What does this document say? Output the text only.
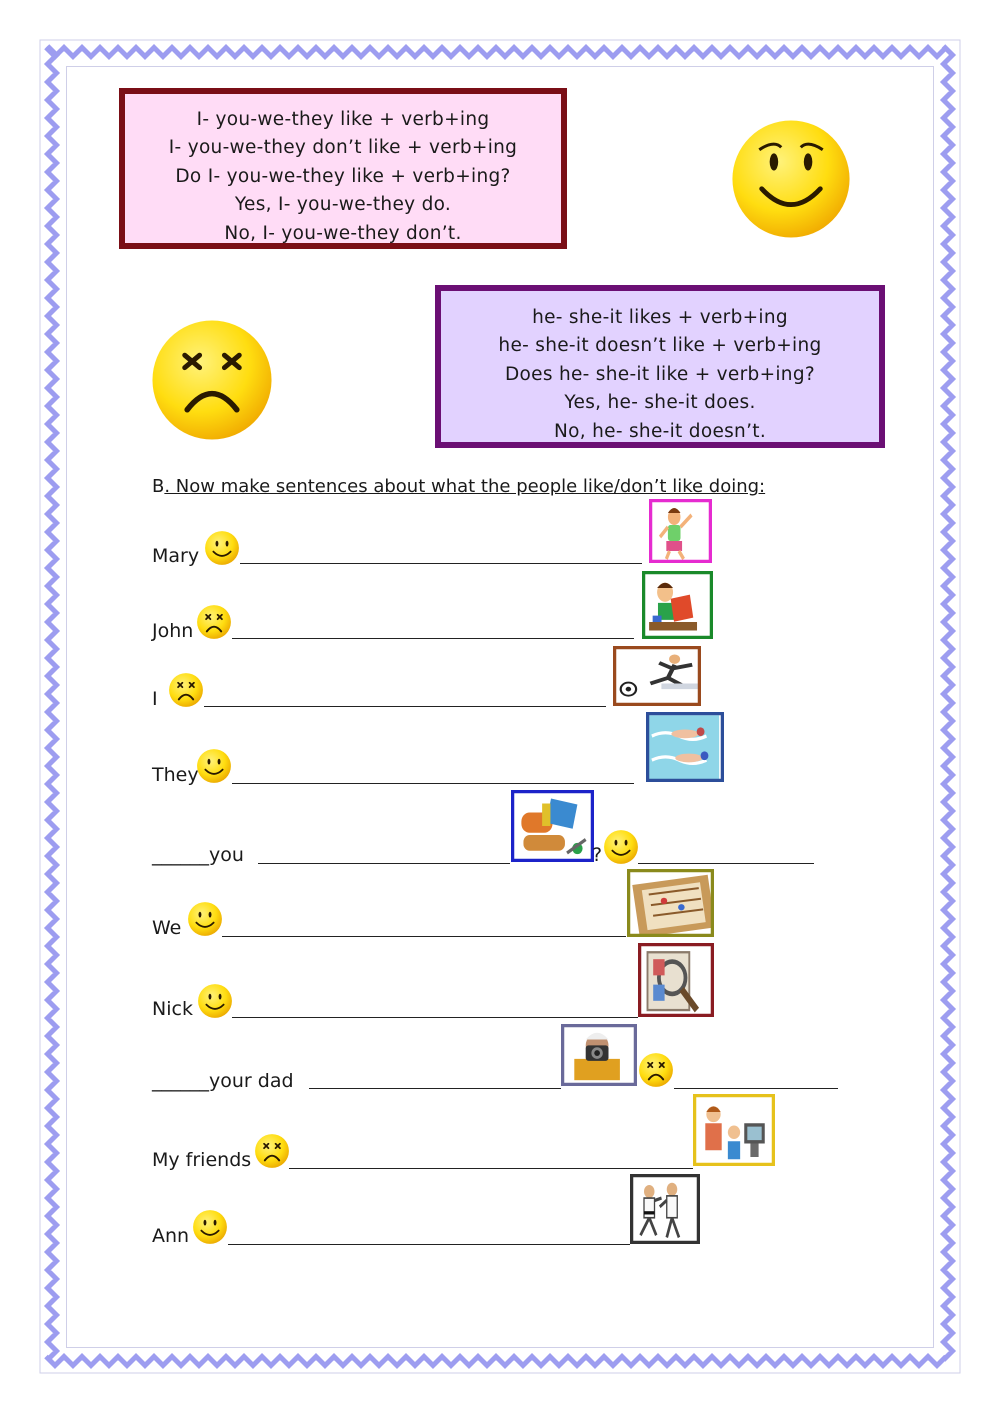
I- you-we-they like + verb+ing
I- you-we-they don’t like + verb+ing
Do I- you-we-they like + verb+ing?
Yes, I- you-we-they do.
No, I- you-we-they don’t.
he- she-it likes + verb+ing
he- she-it doesn’t like + verb+ing
Does he- she-it like + verb+ing?
Yes, he- she-it does.
No, he- she-it doesn’t.
B. Now make sentences about what the people like/don’t like doing:
Mary
John
I
They
______you	?
We
Nick
______your dad
My friends
Ann
